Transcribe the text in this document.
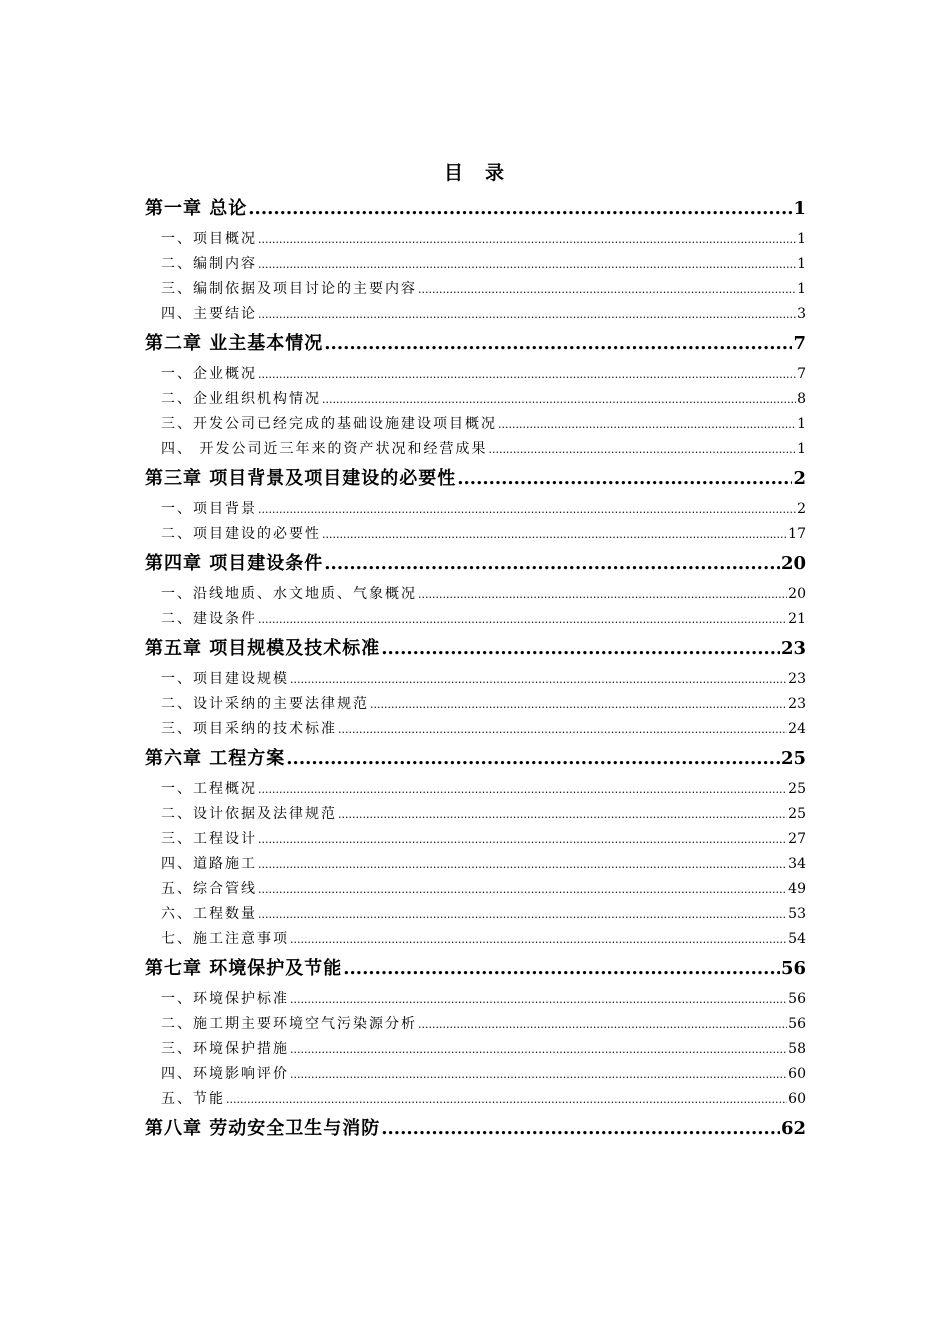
目 录
第一章 总论 .....	1
一、项目概况 .....	1
二、编制内容 .....	1
三、编制依据及项目讨论的主要内容 .....	1
四、主要结论 .....	3
第二章 业主基本情况 .....	7
一、企业概况 .....	7
二、企业组织机构情况 .....	8
三、开发公司已经完成的基础设施建设项目概况 .....	1
四、 开发公司近三年来的资产状况和经营成果 .....	1
第三章 项目背景及项目建设的必要性 .....	2
一、项目背景 .....	2
二、项目建设的必要性 .....	17
第四章 项目建设条件 .....	20
一、沿线地质、水文地质、气象概况 .....	20
二、建设条件 .....	21
第五章 项目规模及技术标准 .....	23
一、项目建设规模 .....	23
二、设计采纳的主要法律规范 .....	23
三、项目采纳的技术标准 .....	24
第六章 工程方案 .....	25
一、工程概况 .....	25
二、设计依据及法律规范 .....	25
三、工程设计 .....	27
四、道路施工 .....	34
五、综合管线 .....	49
六、工程数量 .....	53
七、施工注意事项 .....	54
第七章 环境保护及节能 .....	56
一、环境保护标准 .....	56
二、施工期主要环境空气污染源分析 .....	56
三、环境保护措施 .....	58
四、环境影响评价 .....	60
五、节能 .....	60
第八章 劳动安全卫生与消防 .....	62
